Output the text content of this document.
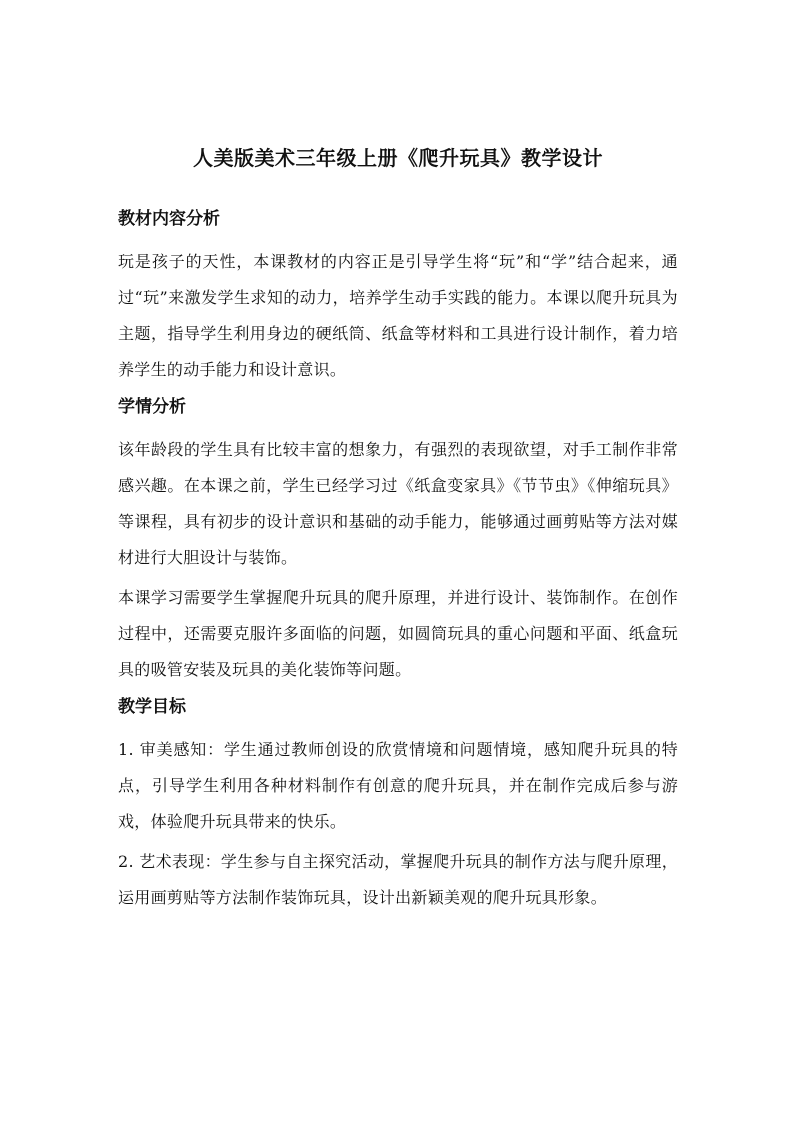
人美版美术三年级上册《爬升玩具》教学设计
教材内容分析

玩是孩子的天性，本课教材的内容正是引导学生将“玩”和“学”结合起来，通过“玩”来激发学生求知的动力，培养学生动手实践的能力。本课以爬升玩具为主题，指导学生利用身边的硬纸筒、纸盒等材料和工具进行设计制作，着力培养学生的动手能力和设计意识。

学情分析

该年龄段的学生具有比较丰富的想象力，有强烈的表现欲望，对手工制作非常感兴趣。在本课之前，学生已经学习过《纸盒变家具》《节节虫》《伸缩玩具》等课程，具有初步的设计意识和基础的动手能力，能够通过画剪贴等方法对媒材进行大胆设计与装饰。

本课学习需要学生掌握爬升玩具的爬升原理，并进行设计、装饰制作。在创作过程中，还需要克服许多面临的问题，如圆筒玩具的重心问题和平面、纸盒玩具的吸管安装及玩具的美化装饰等问题。

教学目标

1. 审美感知：学生通过教师创设的欣赏情境和问题情境，感知爬升玩具的特点，引导学生利用各种材料制作有创意的爬升玩具，并在制作完成后参与游戏，体验爬升玩具带来的快乐。

2. 艺术表现：学生参与自主探究活动，掌握爬升玩具的制作方法与爬升原理，运用画剪贴等方法制作装饰玩具，设计出新颖美观的爬升玩具形象。
